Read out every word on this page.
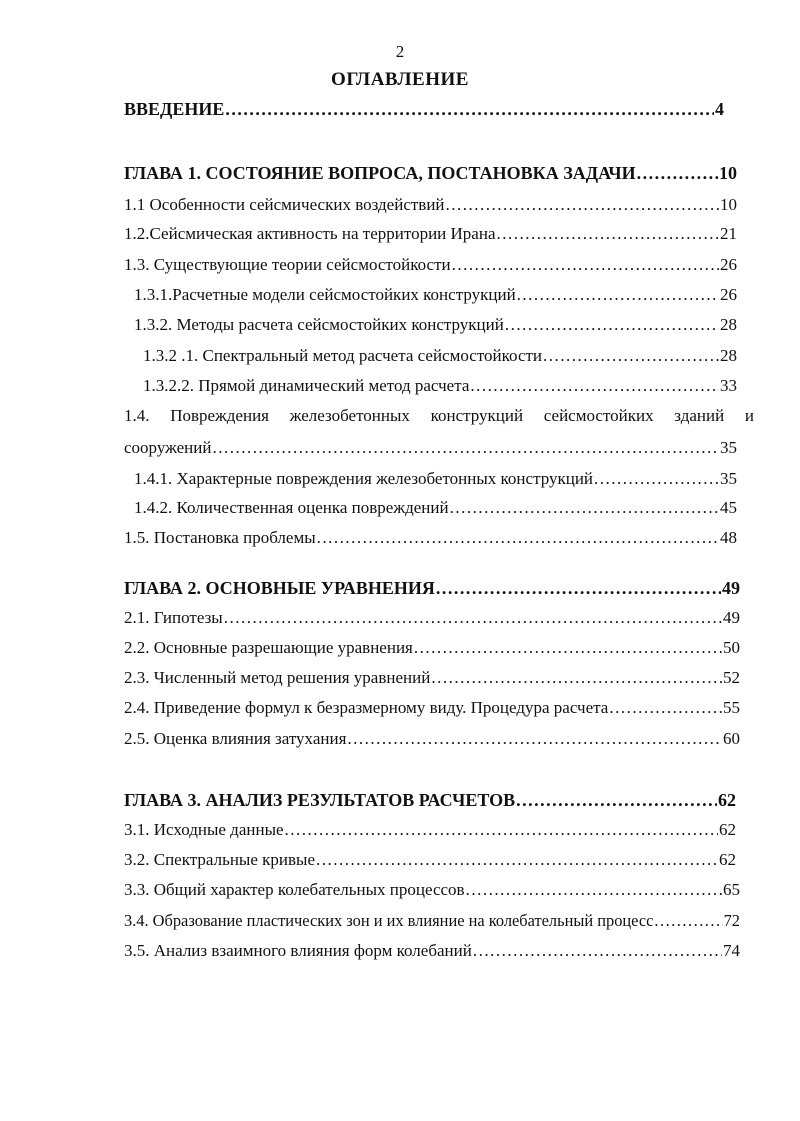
2
ОГЛАВЛЕНИЕ
ВВЕДЕНИЕ .....	4
ГЛАВА 1. СОСТОЯНИЕ ВОПРОСА, ПОСТАНОВКА ЗАДАЧИ .....	10
1.1 Особенности сейсмических воздействий .....	10
1.2.Сейсмическая активность на территории Ирана .....	21
1.3. Существующие теории сейсмостойкости .....	26
1.3.1.Расчетные модели сейсмостойких конструкций .....	26
1.3.2. Методы расчета сейсмостойких конструкций .....	28
1.3.2 .1. Спектральный метод расчета сейсмостойкости .....	28
1.3.2.2. Прямой динамический метод расчета .....	33
1.4. Повреждения железобетонных конструкций сейсмостойких зданий и
сооружений .....	35
1.4.1. Характерные повреждения железобетонных конструкций .....	35
1.4.2. Количественная оценка повреждений .....	45
1.5. Постановка проблемы .....	48
ГЛАВА 2. ОСНОВНЫЕ УРАВНЕНИЯ .....	49
2.1. Гипотезы .....	49
2.2. Основные разрешающие уравнения .....	50
2.3. Численный метод решения уравнений .....	52
2.4. Приведение формул к безразмерному виду. Процедура расчета .....	55
2.5. Оценка влияния затухания .....	60
ГЛАВА 3. АНАЛИЗ РЕЗУЛЬТАТОВ РАСЧЕТОВ .....	62
3.1. Исходные данные .....	62
3.2. Спектральные кривые .....	62
3.3. Общий характер колебательных процессов .....	65
3.4. Образование пластических зон и их влияние на колебательный процесс .....	72
3.5. Анализ взаимного влияния форм колебаний .....	74
